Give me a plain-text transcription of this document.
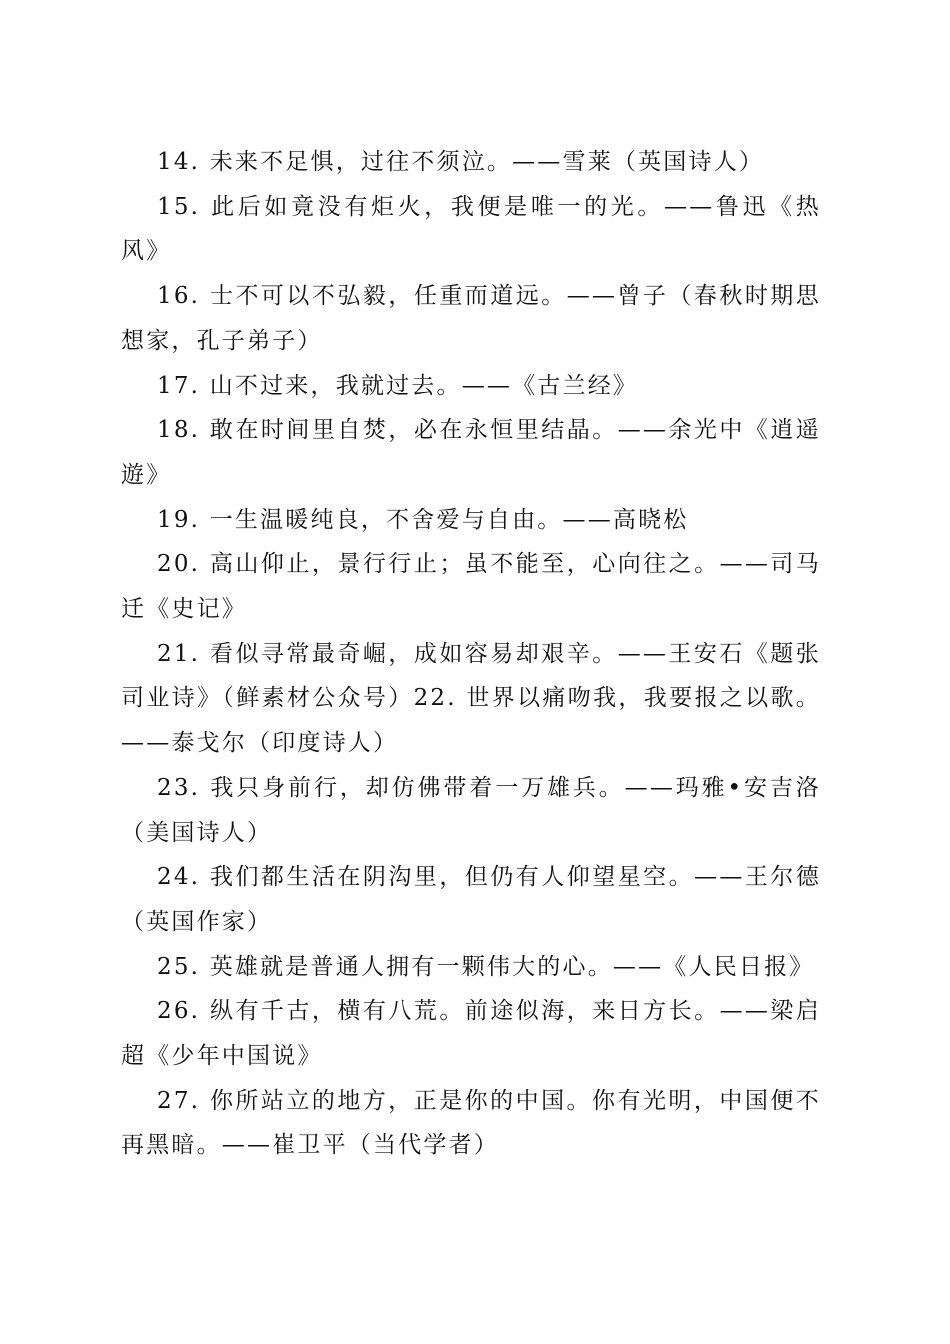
14. 未来不足惧，过往不须泣。——雪莱（英国诗人）

15. 此后如竟没有炬火，我便是唯一的光。——鲁迅《热风》

16. 士不可以不弘毅，任重而道远。——曾子（春秋时期思想家，孔子弟子）

17. 山不过来，我就过去。——《古兰经》

18. 敢在时间里自焚，必在永恒里结晶。——余光中《逍遥遊》

19. 一生温暖纯良，不舍爱与自由。——高晓松

20. 高山仰止，景行行止；虽不能至，心向往之。——司马迁《史记》

21. 看似寻常最奇崛，成如容易却艰辛。——王安石《题张司业诗》（鲜素材公众号）22. 世界以痛吻我，我要报之以歌。——泰戈尔（印度诗人）

23. 我只身前行，却仿佛带着一万雄兵。——玛雅•安吉洛（美国诗人）

24. 我们都生活在阴沟里，但仍有人仰望星空。——王尔德（英国作家）

25. 英雄就是普通人拥有一颗伟大的心。——《人民日报》

26. 纵有千古，横有八荒。前途似海，来日方长。——梁启超《少年中国说》

27. 你所站立的地方，正是你的中国。你有光明，中国便不再黑暗。——崔卫平（当代学者）
